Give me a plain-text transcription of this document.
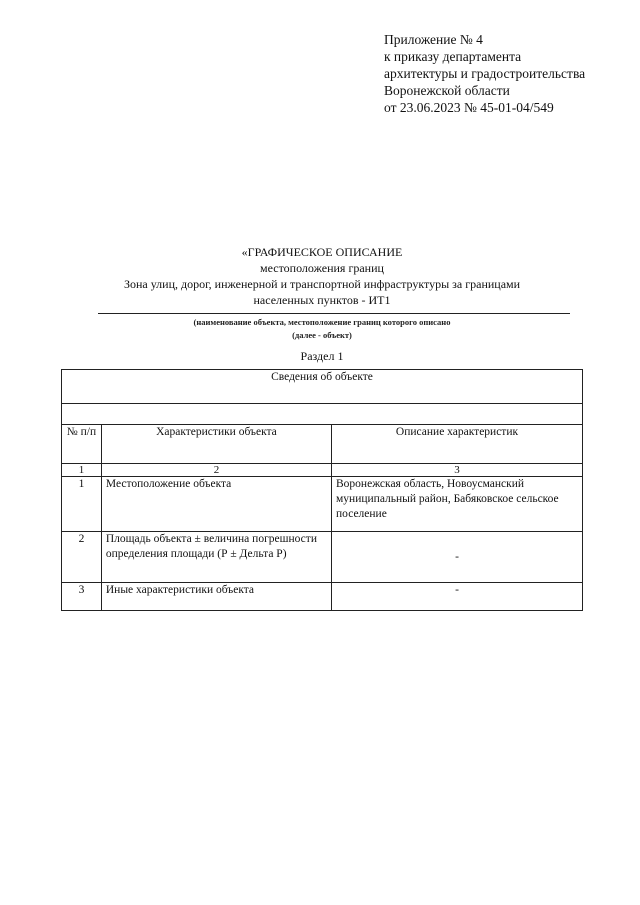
Приложение № 4
к приказу департамента
архитектуры и градостроительства
Воронежской области
от 23.06.2023 № 45-01-04/549
«ГРАФИЧЕСКОЕ ОПИСАНИЕ
местоположения границ
Зона улиц, дорог, инженерной и транспортной инфраструктуры за границами
населенных пунктов - ИТ1
(наименование объекта, местоположение границ которого описано
(далее - объект)
Раздел 1
Сведения об объекте		

№ п/п	Характеристики объекта	Описание характеристик
1	2	3
1	Местоположение объекта	Воронежская область, Новоусманский муниципальный район, Бабяковское сельское поселение
2	Площадь объекта ± величина погрешности определения площади (Р ± Дельта Р)	-
3	Иные характеристики объекта	-
